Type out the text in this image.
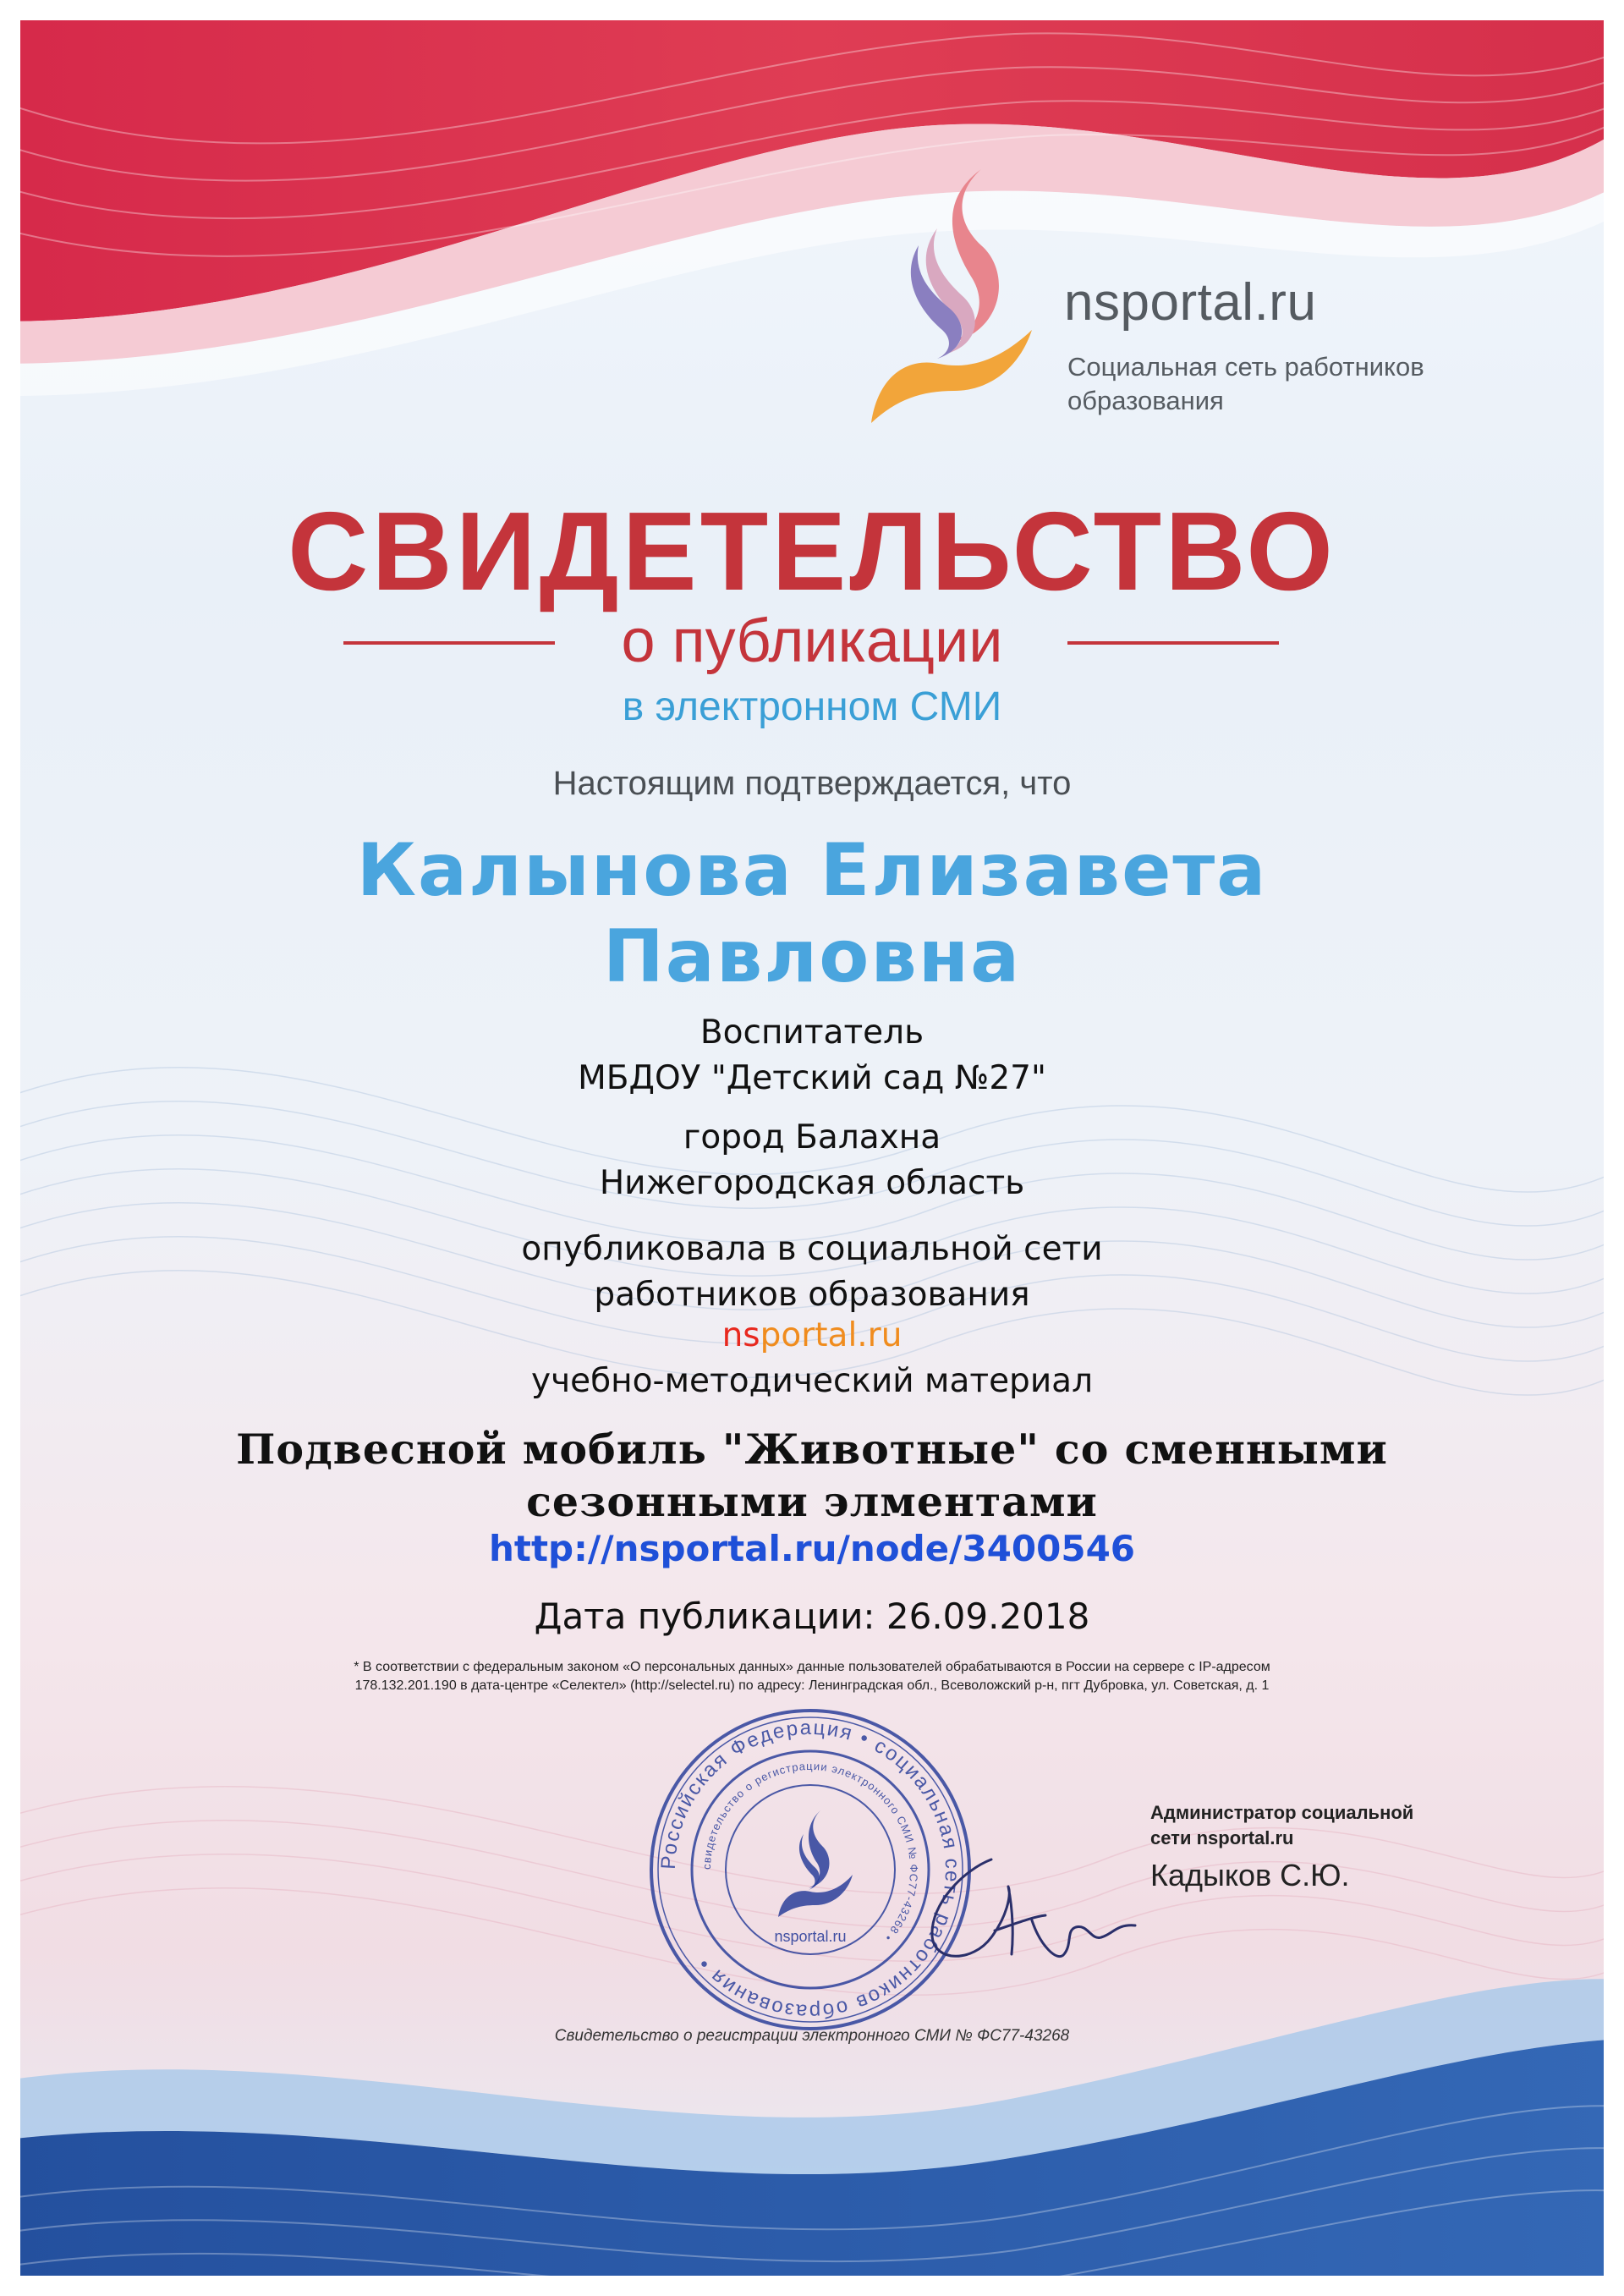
nsportal.ru
Социальная сеть работников
образования
СВИДЕТЕЛЬСТВО
о публикации
в электронном СМИ
Настоящим подтверждается, что
Калынова Елизавета
Павловна
Воспитатель
МБДОУ "Детский сад №27"
город Балахна
Нижегородская область
опубликовала в социальной сети
работников образования
nsportal.ru
учебно-методический материал
Подвесной мобиль "Животные" со сменными
сезонными элментами
http://nsportal.ru/node/3400546
Дата публикации: 26.09.2018
* В соответствии с федеральным законом «О персональных данных» данные пользователей обрабатываются в России на сервере с IP-адресом
178.132.201.190 в дата-центре «Селектел» (http://selectel.ru) по адресу: Ленинградская обл., Всеволожский р-н, пгт Дубровка, ул. Советская, д. 1
Российская Федерация • социальная сеть работников образования •
свидетельство о регистрации электронного СМИ № ФС77-43268 •
nsportal.ru
Администратор социальной
сети nsportal.ru
Кадыков С.Ю.
Свидетельство о регистрации электронного СМИ № ФС77-43268
